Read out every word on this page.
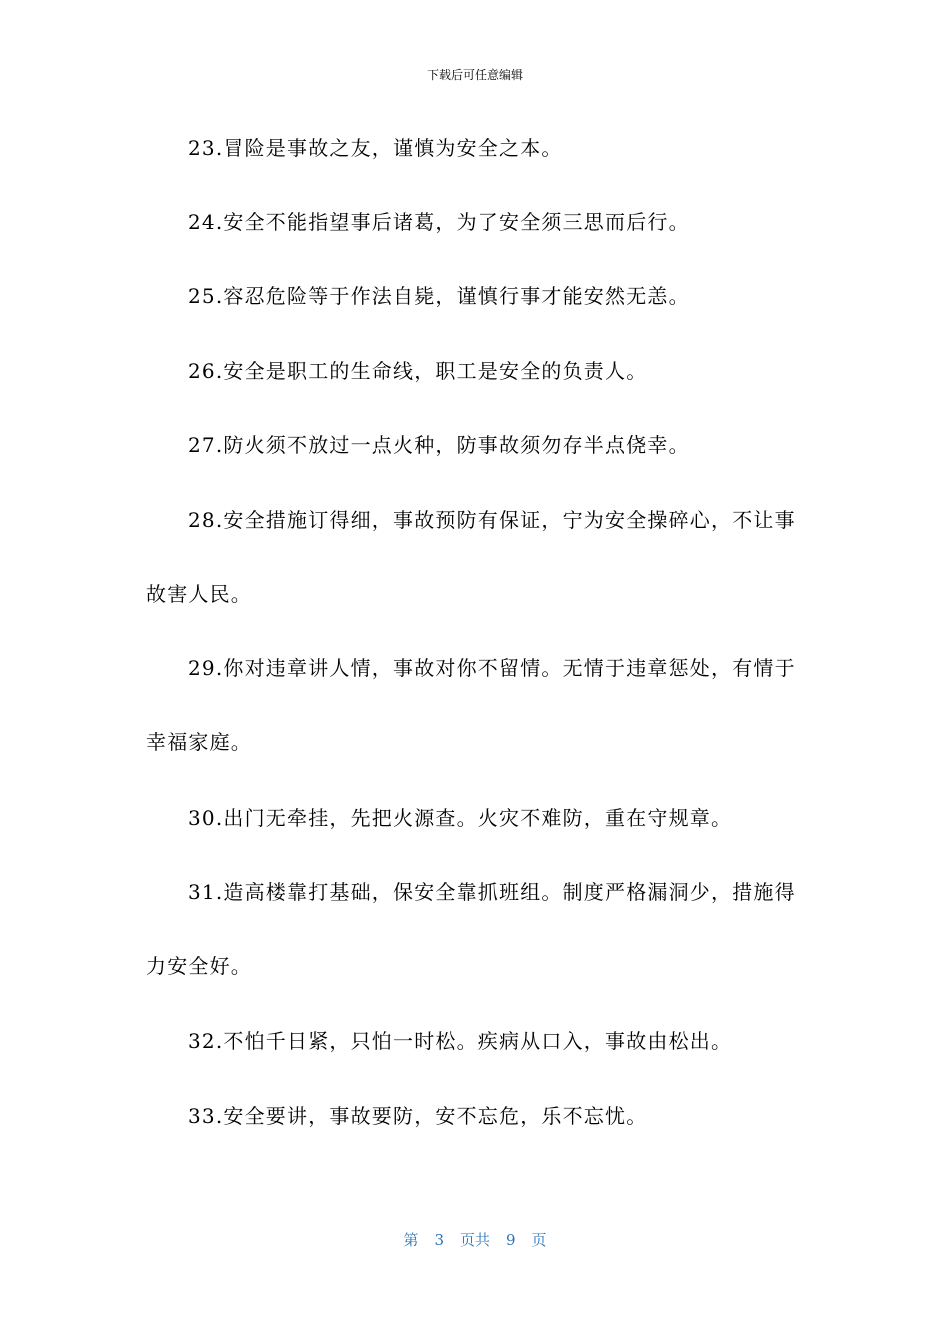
下载后可任意编辑

23.冒险是事故之友，谨慎为安全之本。

24.安全不能指望事后诸葛，为了安全须三思而后行。

25.容忍危险等于作法自毙，谨慎行事才能安然无恙。

26.安全是职工的生命线，职工是安全的负责人。

27.防火须不放过一点火种，防事故须勿存半点侥幸。

28.安全措施订得细，事故预防有保证，宁为安全操碎心，不让事故害人民。

29.你对违章讲人情，事故对你不留情。无情于违章惩处，有情于幸福家庭。

30.出门无牵挂，先把火源查。火灾不难防，重在守规章。

31.造高楼靠打基础，保安全靠抓班组。制度严格漏洞少，措施得力安全好。

32.不怕千日紧，只怕一时松。疾病从口入，事故由松出。

33.安全要讲，事故要防，安不忘危，乐不忘忧。

第 3 页共 9 页
